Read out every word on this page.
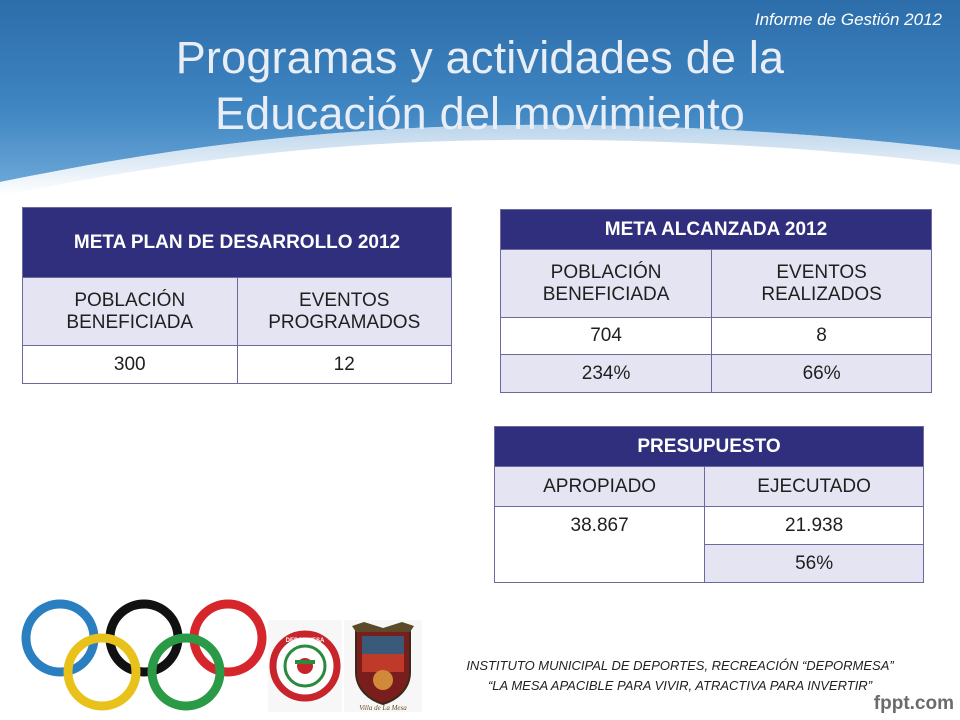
Informe de Gestión 2012
Programas y actividades de la
Educación del movimiento
META PLAN DE DESARROLLO 2012	
POBLACIÓN BENEFICIADA	EVENTOS PROGRAMADOS
300	12
META ALCANZADA 2012	
POBLACIÓN BENEFICIADA	EVENTOS REALIZADOS
704	8
234%	66%
PRESUPUESTO	
APROPIADO	EJECUTADO
38.867	21.938
	56%
DEPORMESA
Villa de La Mesa
INSTITUTO MUNICIPAL DE DEPORTES, RECREACIÓN “DEPORMESA”
“LA MESA APACIBLE PARA VIVIR, ATRACTIVA PARA INVERTIR”
fppt.com
